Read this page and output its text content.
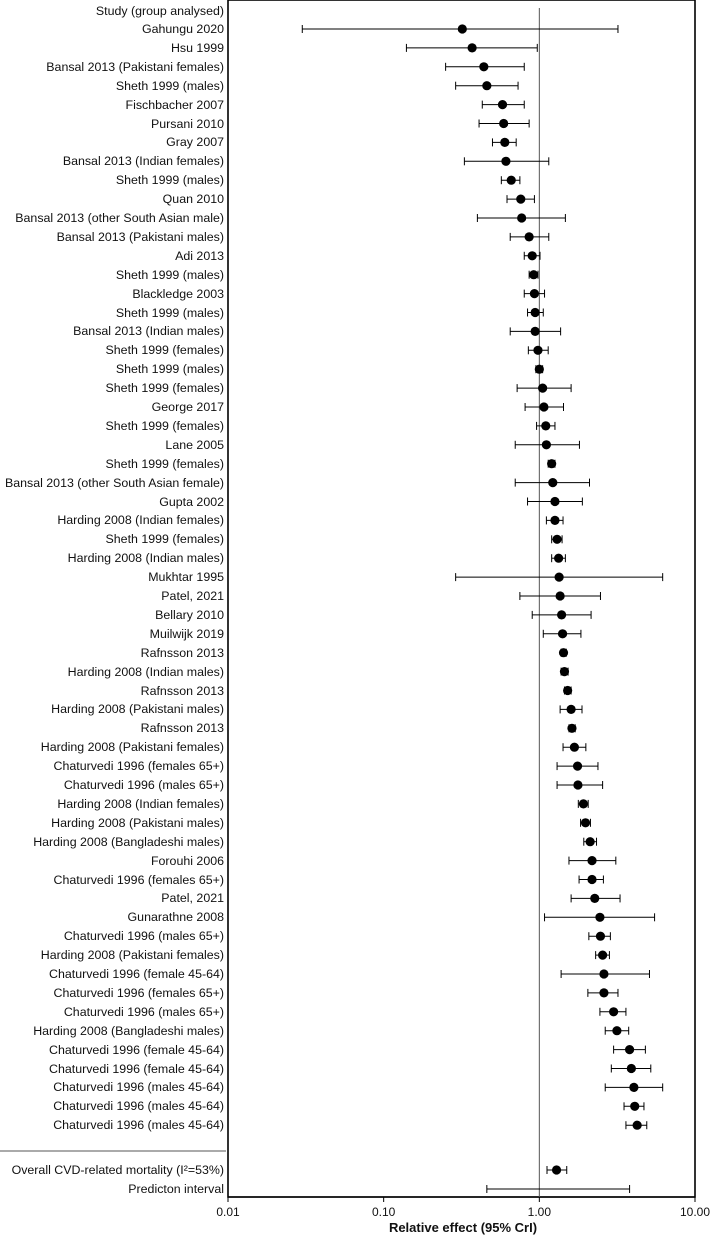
Study (group analysed)
Gahungu 2020
Hsu 1999
Bansal 2013 (Pakistani females)
Sheth 1999 (males)
Fischbacher 2007
Pursani 2010
Gray 2007
Bansal 2013 (Indian females)
Sheth 1999 (males)
Quan 2010
Bansal 2013 (other South Asian male)
Bansal 2013 (Pakistani males)
Adi 2013
Sheth 1999 (males)
Blackledge 2003
Sheth 1999 (males)
Bansal 2013 (Indian males)
Sheth 1999 (females)
Sheth 1999 (males)
Sheth 1999 (females)
George 2017
Sheth 1999 (females)
Lane 2005
Sheth 1999 (females)
Bansal 2013 (other South Asian female)
Gupta 2002
Harding 2008 (Indian females)
Sheth 1999 (females)
Harding 2008 (Indian males)
Mukhtar 1995
Patel, 2021
Bellary 2010
Muilwijk 2019
Rafnsson 2013
Harding 2008 (Indian males)
Rafnsson 2013
Harding 2008 (Pakistani males)
Rafnsson 2013
Harding 2008 (Pakistani females)
Chaturvedi 1996 (females 65+)
Chaturvedi 1996 (males 65+)
Harding 2008 (Indian females)
Harding 2008 (Pakistani males)
Harding 2008 (Bangladeshi males)
Forouhi 2006
Chaturvedi 1996 (females 65+)
Patel, 2021
Gunarathne 2008
Chaturvedi 1996 (males 65+)
Harding 2008 (Pakistani females)
Chaturvedi 1996 (female 45-64)
Chaturvedi 1996 (females 65+)
Chaturvedi 1996 (males 65+)
Harding 2008 (Bangladeshi males)
Chaturvedi 1996 (female 45-64)
Chaturvedi 1996 (female 45-64)
Chaturvedi 1996 (males 45-64)
Chaturvedi 1996 (males 45-64)
Chaturvedi 1996 (males 45-64)
Overall CVD-related mortality (I²=53%)
Predicton interval
0.01	0.10	1.00	10.00
Relative effect (95% CrI)
